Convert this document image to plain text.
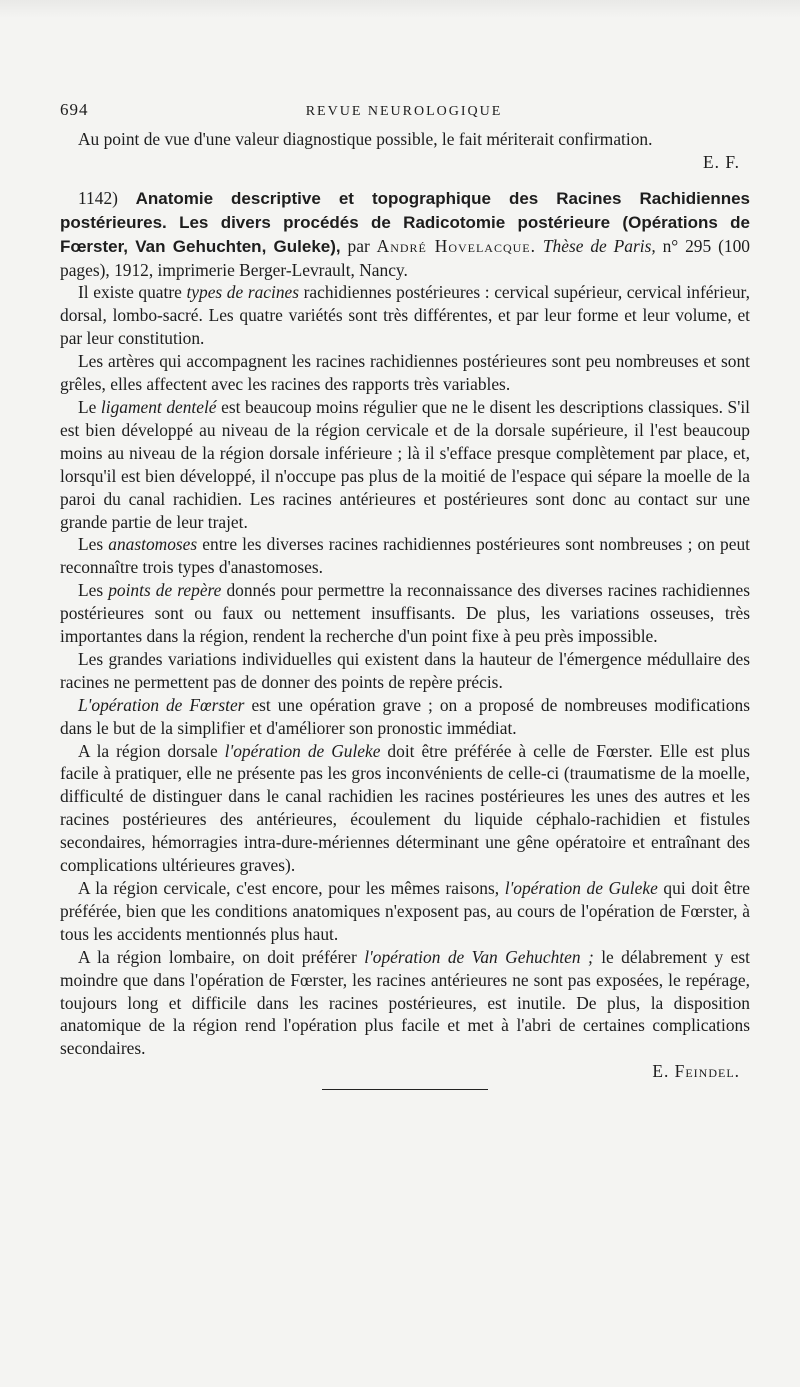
694	REVUE NEUROLOGIQUE

Au point de vue d'une valeur diagnostique possible, le fait mériterait confirmation.

E. F.

1142) Anatomie descriptive et topographique des Racines Rachidiennes postérieures. Les divers procédés de Radicotomie postérieure (Opérations de Fœrster, Van Gehuchten, Guleke), par André Hovelacque. Thèse de Paris, n° 295 (100 pages), 1912, imprimerie Berger-Levrault, Nancy.

Il existe quatre types de racines rachidiennes postérieures : cervical supérieur, cervical inférieur, dorsal, lombo-sacré. Les quatre variétés sont très différentes, et par leur forme et leur volume, et par leur constitution.

Les artères qui accompagnent les racines rachidiennes postérieures sont peu nombreuses et sont grêles, elles affectent avec les racines des rapports très variables.

Le ligament dentelé est beaucoup moins régulier que ne le disent les descriptions classiques. S'il est bien développé au niveau de la région cervicale et de la dorsale supérieure, il l'est beaucoup moins au niveau de la région dorsale inférieure ; là il s'efface presque complètement par place, et, lorsqu'il est bien développé, il n'occupe pas plus de la moitié de l'espace qui sépare la moelle de la paroi du canal rachidien. Les racines antérieures et postérieures sont donc au contact sur une grande partie de leur trajet.

Les anastomoses entre les diverses racines rachidiennes postérieures sont nombreuses ; on peut reconnaître trois types d'anastomoses.

Les points de repère donnés pour permettre la reconnaissance des diverses racines rachidiennes postérieures sont ou faux ou nettement insuffisants. De plus, les variations osseuses, très importantes dans la région, rendent la recherche d'un point fixe à peu près impossible.

Les grandes variations individuelles qui existent dans la hauteur de l'émergence médullaire des racines ne permettent pas de donner des points de repère précis.

L'opération de Fœrster est une opération grave ; on a proposé de nombreuses modifications dans le but de la simplifier et d'améliorer son pronostic immédiat.

A la région dorsale l'opération de Guleke doit être préférée à celle de Fœrster. Elle est plus facile à pratiquer, elle ne présente pas les gros inconvénients de celle-ci (traumatisme de la moelle, difficulté de distinguer dans le canal rachidien les racines postérieures les unes des autres et les racines postérieures des antérieures, écoulement du liquide céphalo-rachidien et fistules secondaires, hémorragies intra-dure-mériennes déterminant une gêne opératoire et entraînant des complications ultérieures graves).

A la région cervicale, c'est encore, pour les mêmes raisons, l'opération de Guleke qui doit être préférée, bien que les conditions anatomiques n'exposent pas, au cours de l'opération de Fœrster, à tous les accidents mentionnés plus haut.

A la région lombaire, on doit préférer l'opération de Van Gehuchten ; le délabrement y est moindre que dans l'opération de Fœrster, les racines antérieures ne sont pas exposées, le repérage, toujours long et difficile dans les racines postérieures, est inutile. De plus, la disposition anatomique de la région rend l'opération plus facile et met à l'abri de certaines complications secondaires.

E. Feindel.
